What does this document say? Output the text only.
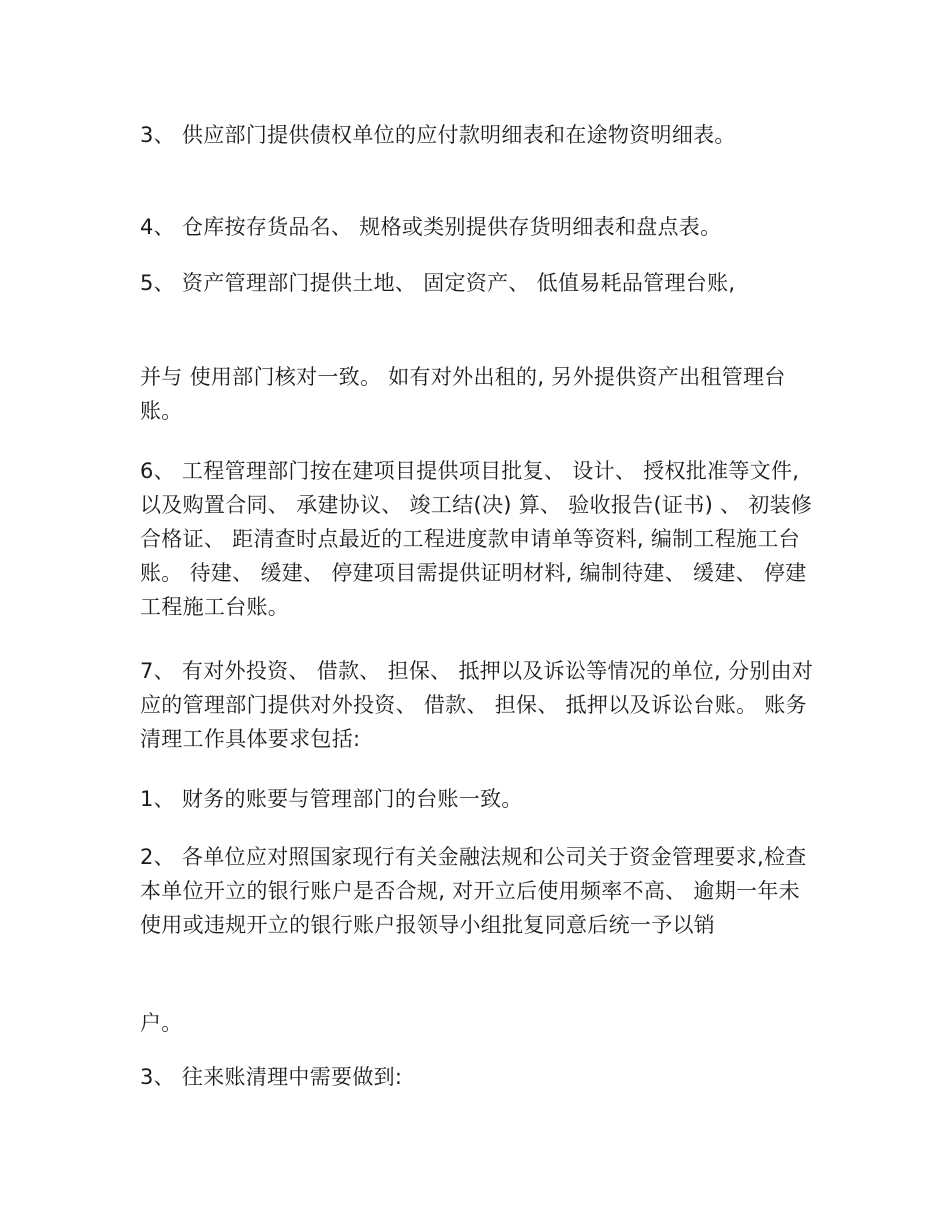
3、 供应部门提供债权单位的应付款明细表和在途物资明细表。

4、 仓库按存货品名、 规格或类别提供存货明细表和盘点表。

5、 资产管理部门提供土地、 固定资产、 低值易耗品管理台账,

并与 使用部门核对一致。 如有对外出租的, 另外提供资产出租管理台账。

6、 工程管理部门按在建项目提供项目批复、 设计、 授权批准等文件,以及购置合同、 承建协议、 竣工结(决) 算、 验收报告(证书) 、 初装修合格证、 距清查时点最近的工程进度款申请单等资料, 编制工程施工台账。 待建、 缓建、 停建项目需提供证明材料, 编制待建、 缓建、 停建工程施工台账。

7、 有对外投资、 借款、 担保、 抵押以及诉讼等情况的单位, 分别由对应的管理部门提供对外投资、 借款、 担保、 抵押以及诉讼台账。 账务清理工作具体要求包括:

1、 财务的账要与管理部门的台账一致。

2、 各单位应对照国家现行有关金融法规和公司关于资金管理要求,检查本单位开立的银行账户是否合规, 对开立后使用频率不高、 逾期一年未使用或违规开立的银行账户报领导小组批复同意后统一予以销

户。

3、 往来账清理中需要做到:
